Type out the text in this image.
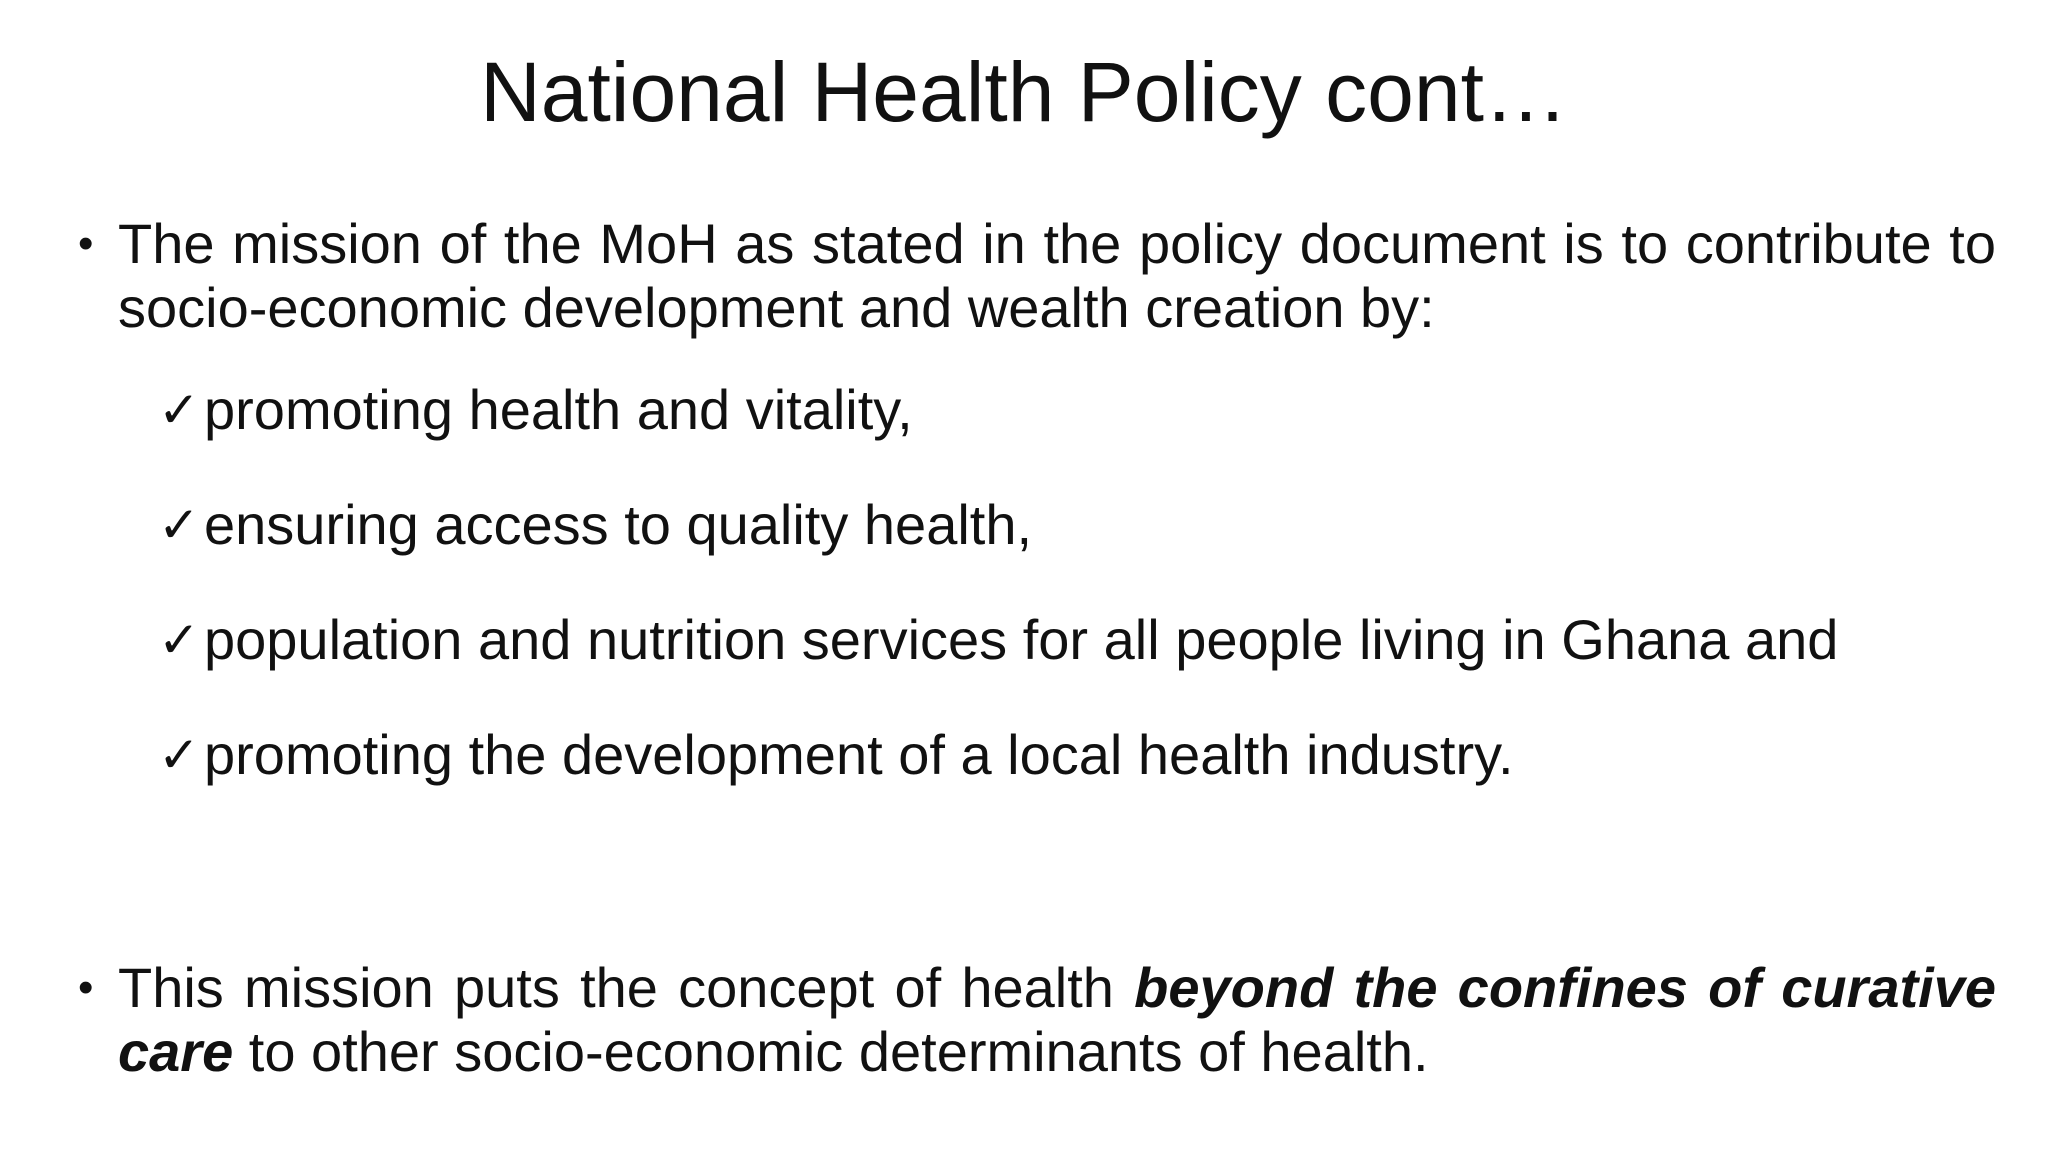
National Health Policy cont…
• The mission of the MoH as stated in the policy document is to contribute to socio-economic development and wealth creation by:
✓ promoting health and vitality,
✓ ensuring access to quality health,
✓ population and nutrition services for all people living in Ghana and
✓ promoting the development of a local health industry.
• This mission puts the concept of health beyond the confines of curative care to other socio-economic determinants of health.
